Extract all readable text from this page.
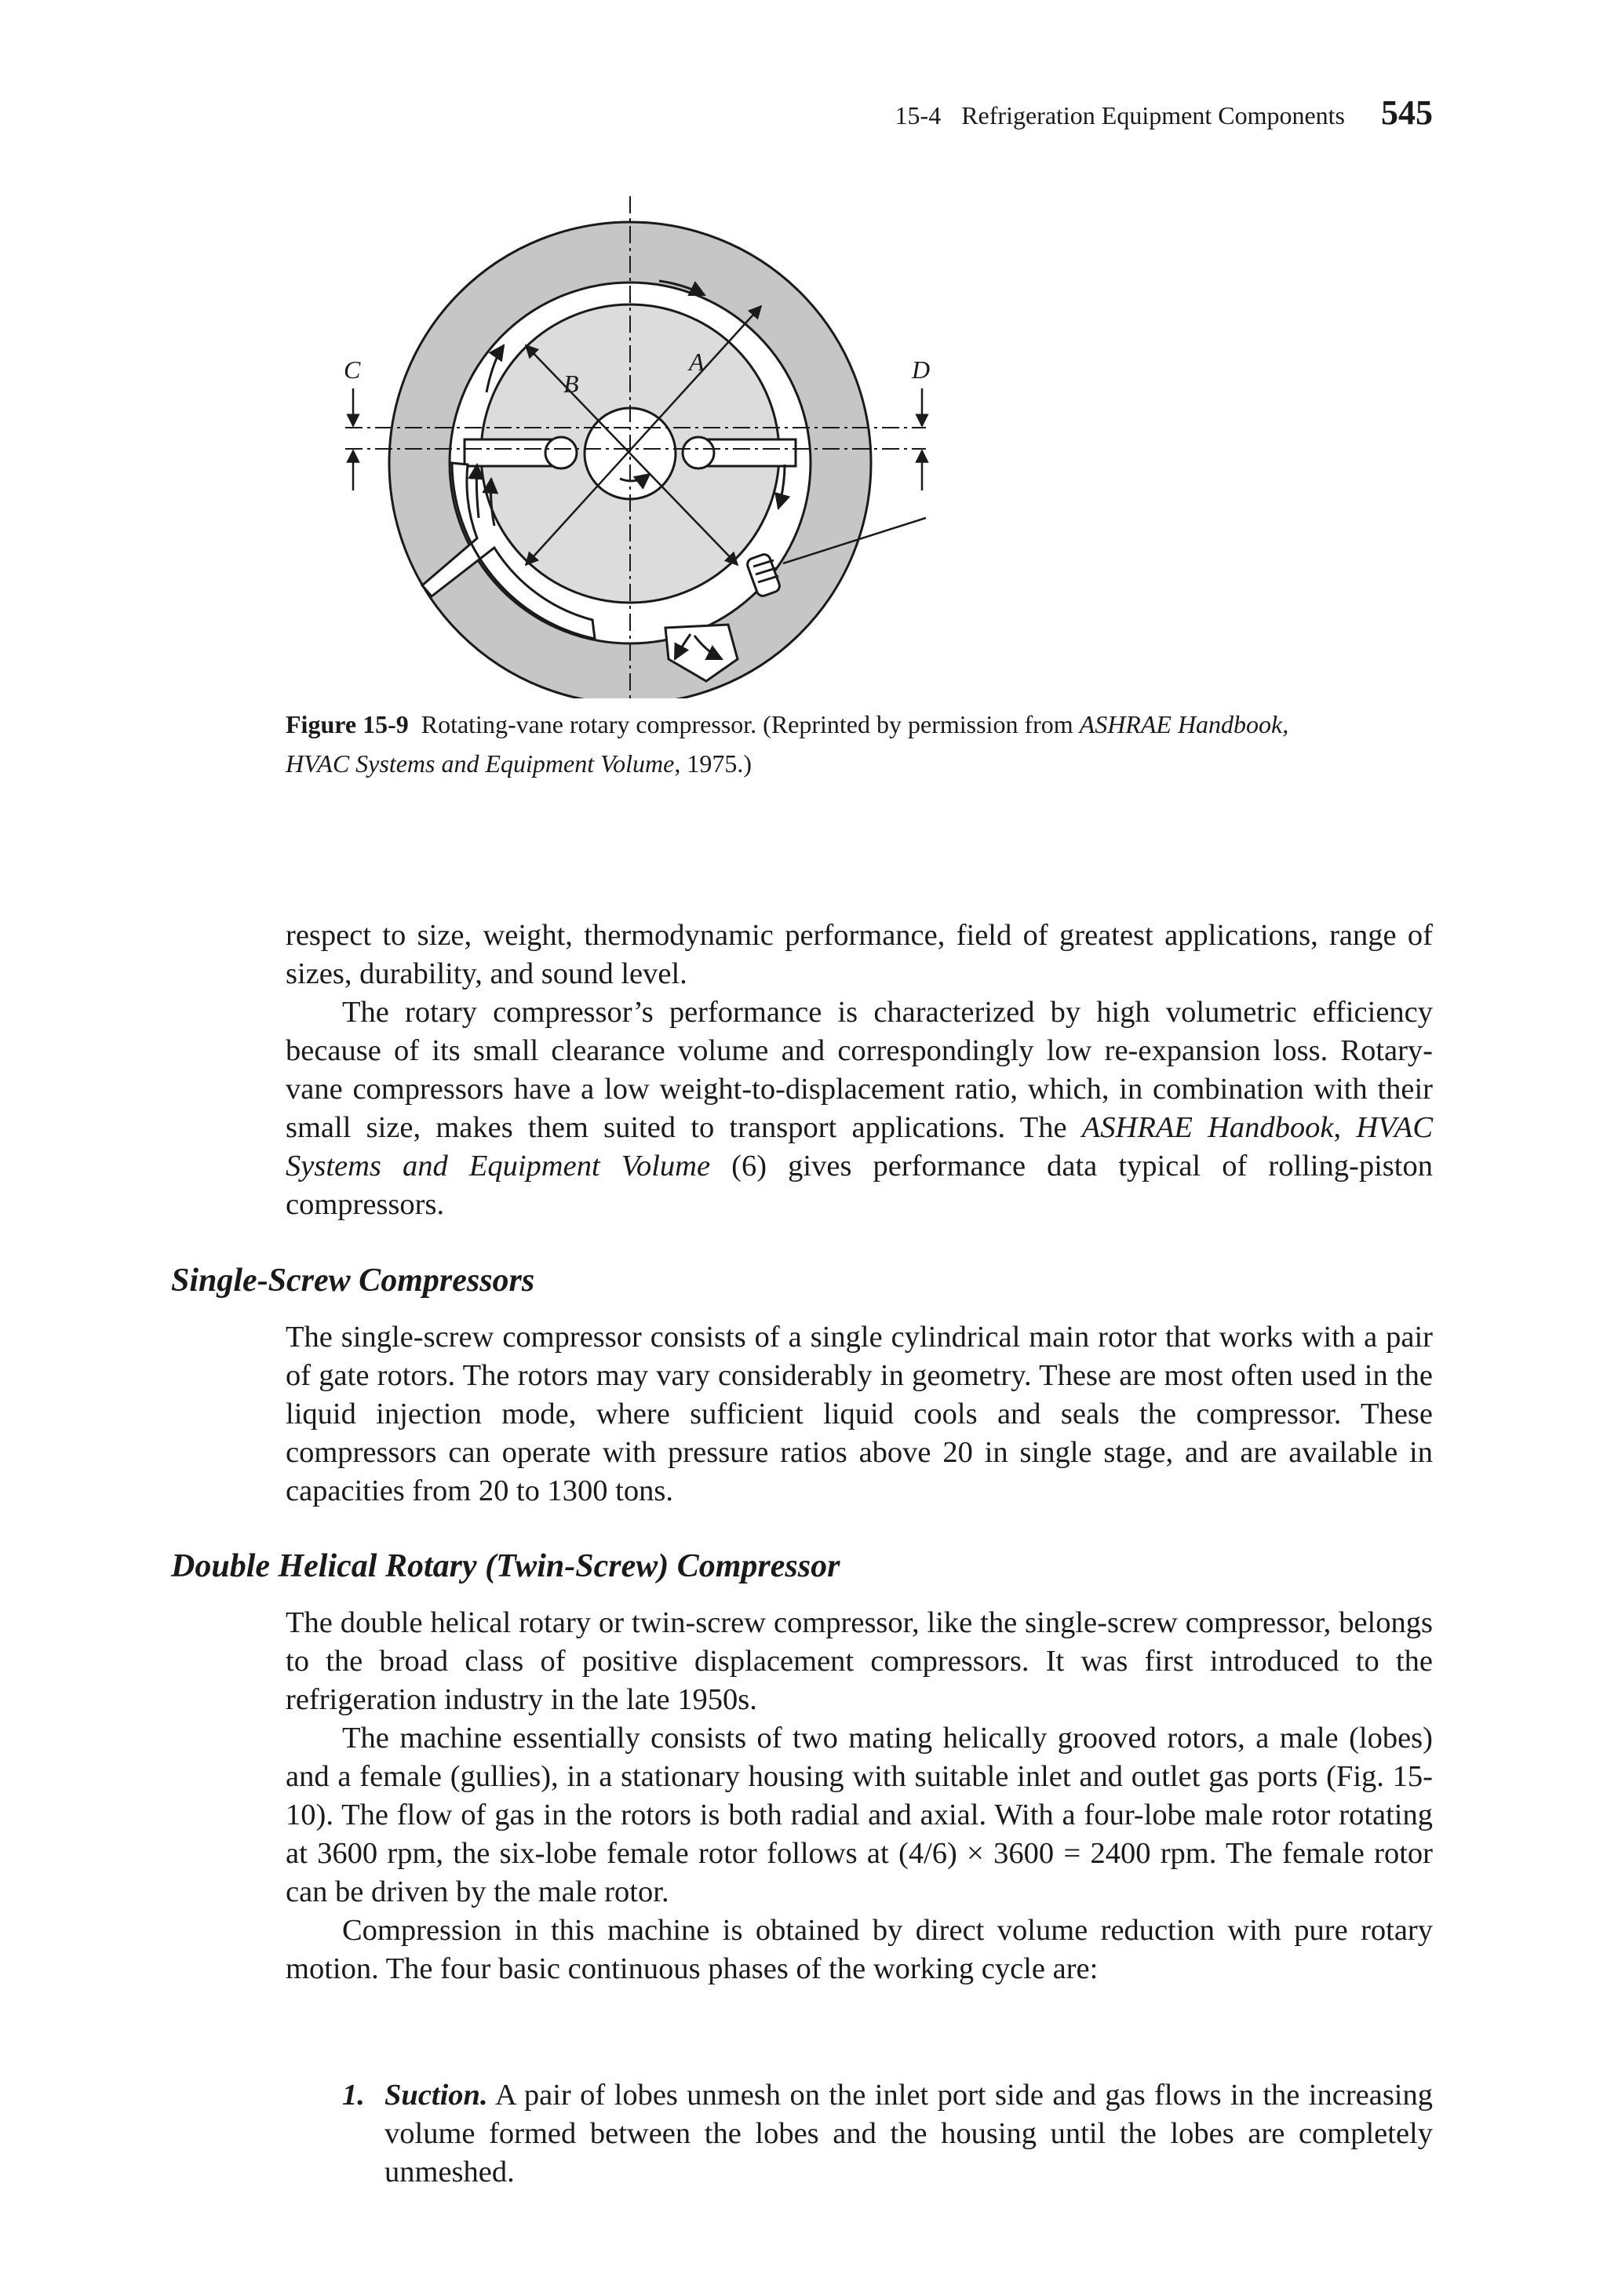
15-4 Refrigeration Equipment Components 545
C	B
A	D
Figure 15-9 Rotating-vane rotary compressor. (Reprinted by permission from ASHRAE Handbook, HVAC Systems and Equipment Volume, 1975.)

respect to size, weight, thermodynamic performance, field of greatest applications, range of sizes, durability, and sound level.

The rotary compressor’s performance is characterized by high volumetric efficiency because of its small clearance volume and correspondingly low re-expansion loss. Rotary-vane compressors have a low weight-to-displacement ratio, which, in combination with their small size, makes them suited to transport applications. The ASHRAE Handbook, HVAC Systems and Equipment Volume (6) gives performance data typical of rolling-piston compressors.

Single-Screw Compressors

The single-screw compressor consists of a single cylindrical main rotor that works with a pair of gate rotors. The rotors may vary considerably in geometry. These are most often used in the liquid injection mode, where sufficient liquid cools and seals the compressor. These compressors can operate with pressure ratios above 20 in single stage, and are available in capacities from 20 to 1300 tons.

Double Helical Rotary (Twin-Screw) Compressor

The double helical rotary or twin-screw compressor, like the single-screw compressor, belongs to the broad class of positive displacement compressors. It was first introduced to the refrigeration industry in the late 1950s.

The machine essentially consists of two mating helically grooved rotors, a male (lobes) and a female (gullies), in a stationary housing with suitable inlet and outlet gas ports (Fig. 15-10). The flow of gas in the rotors is both radial and axial. With a four-lobe male rotor rotating at 3600 rpm, the six-lobe female rotor follows at (4/6) × 3600 = 2400 rpm. The female rotor can be driven by the male rotor.

Compression in this machine is obtained by direct volume reduction with pure rotary motion. The four basic continuous phases of the working cycle are:

1. Suction. A pair of lobes unmesh on the inlet port side and gas flows in the increasing volume formed between the lobes and the housing until the lobes are completely unmeshed.
